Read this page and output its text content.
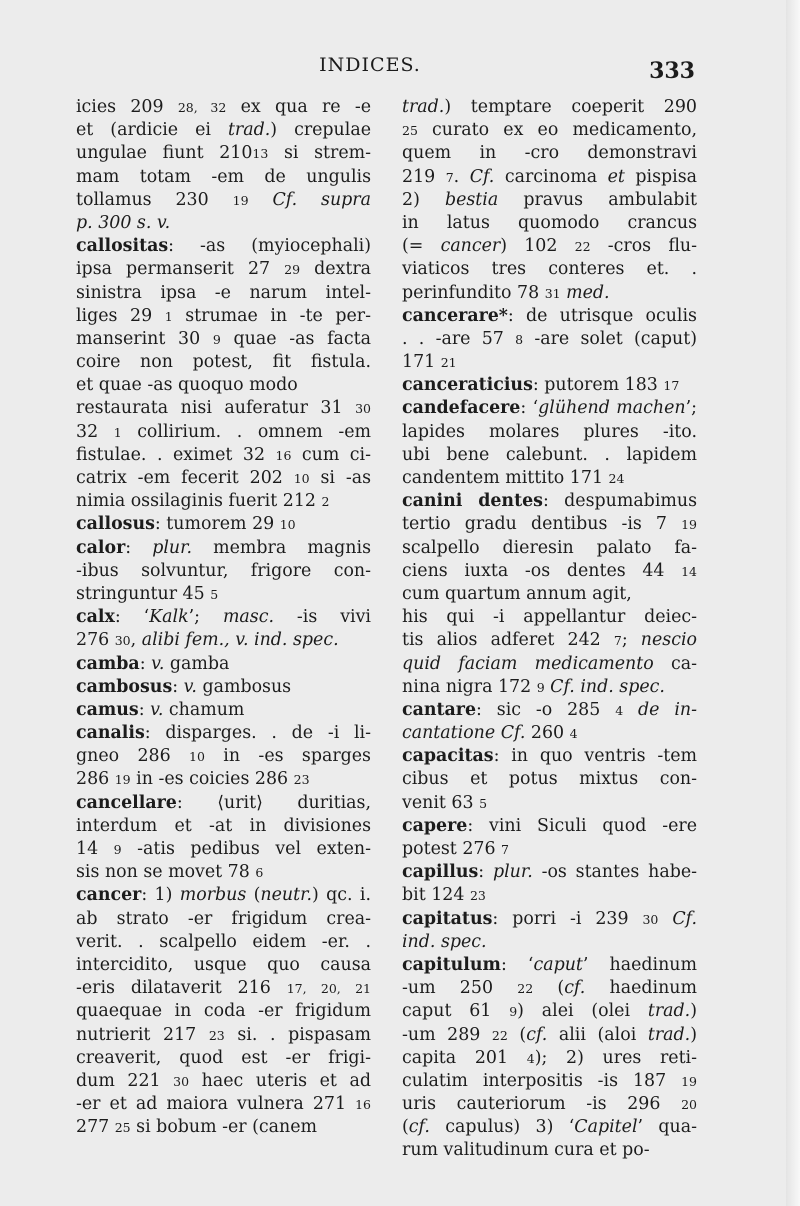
INDICES.	333
icies 209 28, 32 ex qua re -e
et (ardicie ei trad.) crepulae
ungulae fiunt 21013 si strem-
mam totam -em de ungulis
tollamus 230 19 Cf. supra
p. 300 s. v.
callositas: -as (myiocephali)
ipsa permanserit 27 29 dextra
sinistra ipsa -e narum intel-
liges 29 1 strumae in -te per-
manserint 30 9 quae -as facta
coire non potest, fit fistula.
et quae -as quoquo modo
restaurata nisi auferatur 31 30
32 1 collirium. . omnem -em
fistulae. . eximet 32 16 cum ci-
catrix -em fecerit 202 10 si -as
nimia ossilaginis fuerit 212 2
callosus: tumorem 29 10
calor: plur. membra magnis
-ibus solvuntur, frigore con-
stringuntur 45 5
calx: ‘Kalk’; masc. -is vivi
276 30, alibi fem., v. ind. spec.
camba: v. gamba
cambosus: v. gambosus
camus: v. chamum
canalis: disparges. . de -i li-
gneo 286 10 in -es sparges
286 19 in -es coicies 286 23
cancellare: ⟨urit⟩ duritias,
interdum et -at in divisiones
14 9 -atis pedibus vel exten-
sis non se movet 78 6
cancer: 1) morbus (neutr.) qc. i.
ab strato -er frigidum crea-
verit. . scalpello eidem -er. .
intercidito, usque quo causa
-eris dilataverit 216 17, 20, 21
quaequae in coda -er frigidum
nutrierit 217 23 si. . pispasam
creaverit, quod est -er frigi-
dum 221 30 haec uteris et ad
-er et ad maiora vulnera 271 16
277 25 si bobum -er (canem
trad.) temptare coeperit 290
25 curato ex eo medicamento,
quem in -cro demonstravi
219 7. Cf. carcinoma et pispisa
2) bestia pravus ambulabit
in latus quomodo crancus
(= cancer) 102 22 -cros flu-
viaticos tres conteres et. .
perinfundito 78 31 med.
cancerare*: de utrisque oculis
. . -are 57 8 -are solet (caput)
171 21
canceraticius: putorem 183 17
candefacere: ‘glühend machen’;
lapides molares plures -ito.
ubi bene calebunt. . lapidem
candentem mittito 171 24
canini dentes: despumabimus
tertio gradu dentibus -is 7 19
scalpello dieresin palato fa-
ciens iuxta -os dentes 44 14
cum quartum annum agit,
his qui -i appellantur deiec-
tis alios adferet 242 7; nescio
quid faciam medicamento ca-
nina nigra 172 9 Cf. ind. spec.
cantare: sic -o 285 4 de in-
cantatione Cf. 260 4
capacitas: in quo ventris -tem
cibus et potus mixtus con-
venit 63 5
capere: vini Siculi quod -ere
potest 276 7
capillus: plur. -os stantes habe-
bit 124 23
capitatus: porri -i 239 30 Cf.
ind. spec.
capitulum: ‘caput’ haedinum
-um 250 22 (cf. haedinum
caput 61 9) alei (olei trad.)
-um 289 22 (cf. alii (aloi trad.)
capita 201 4); 2) ures reti-
culatim interpositis -is 187 19
uris cauteriorum -is 296 20
(cf. capulus) 3) ‘Capitel’ qua-
rum valitudinum cura et po-
